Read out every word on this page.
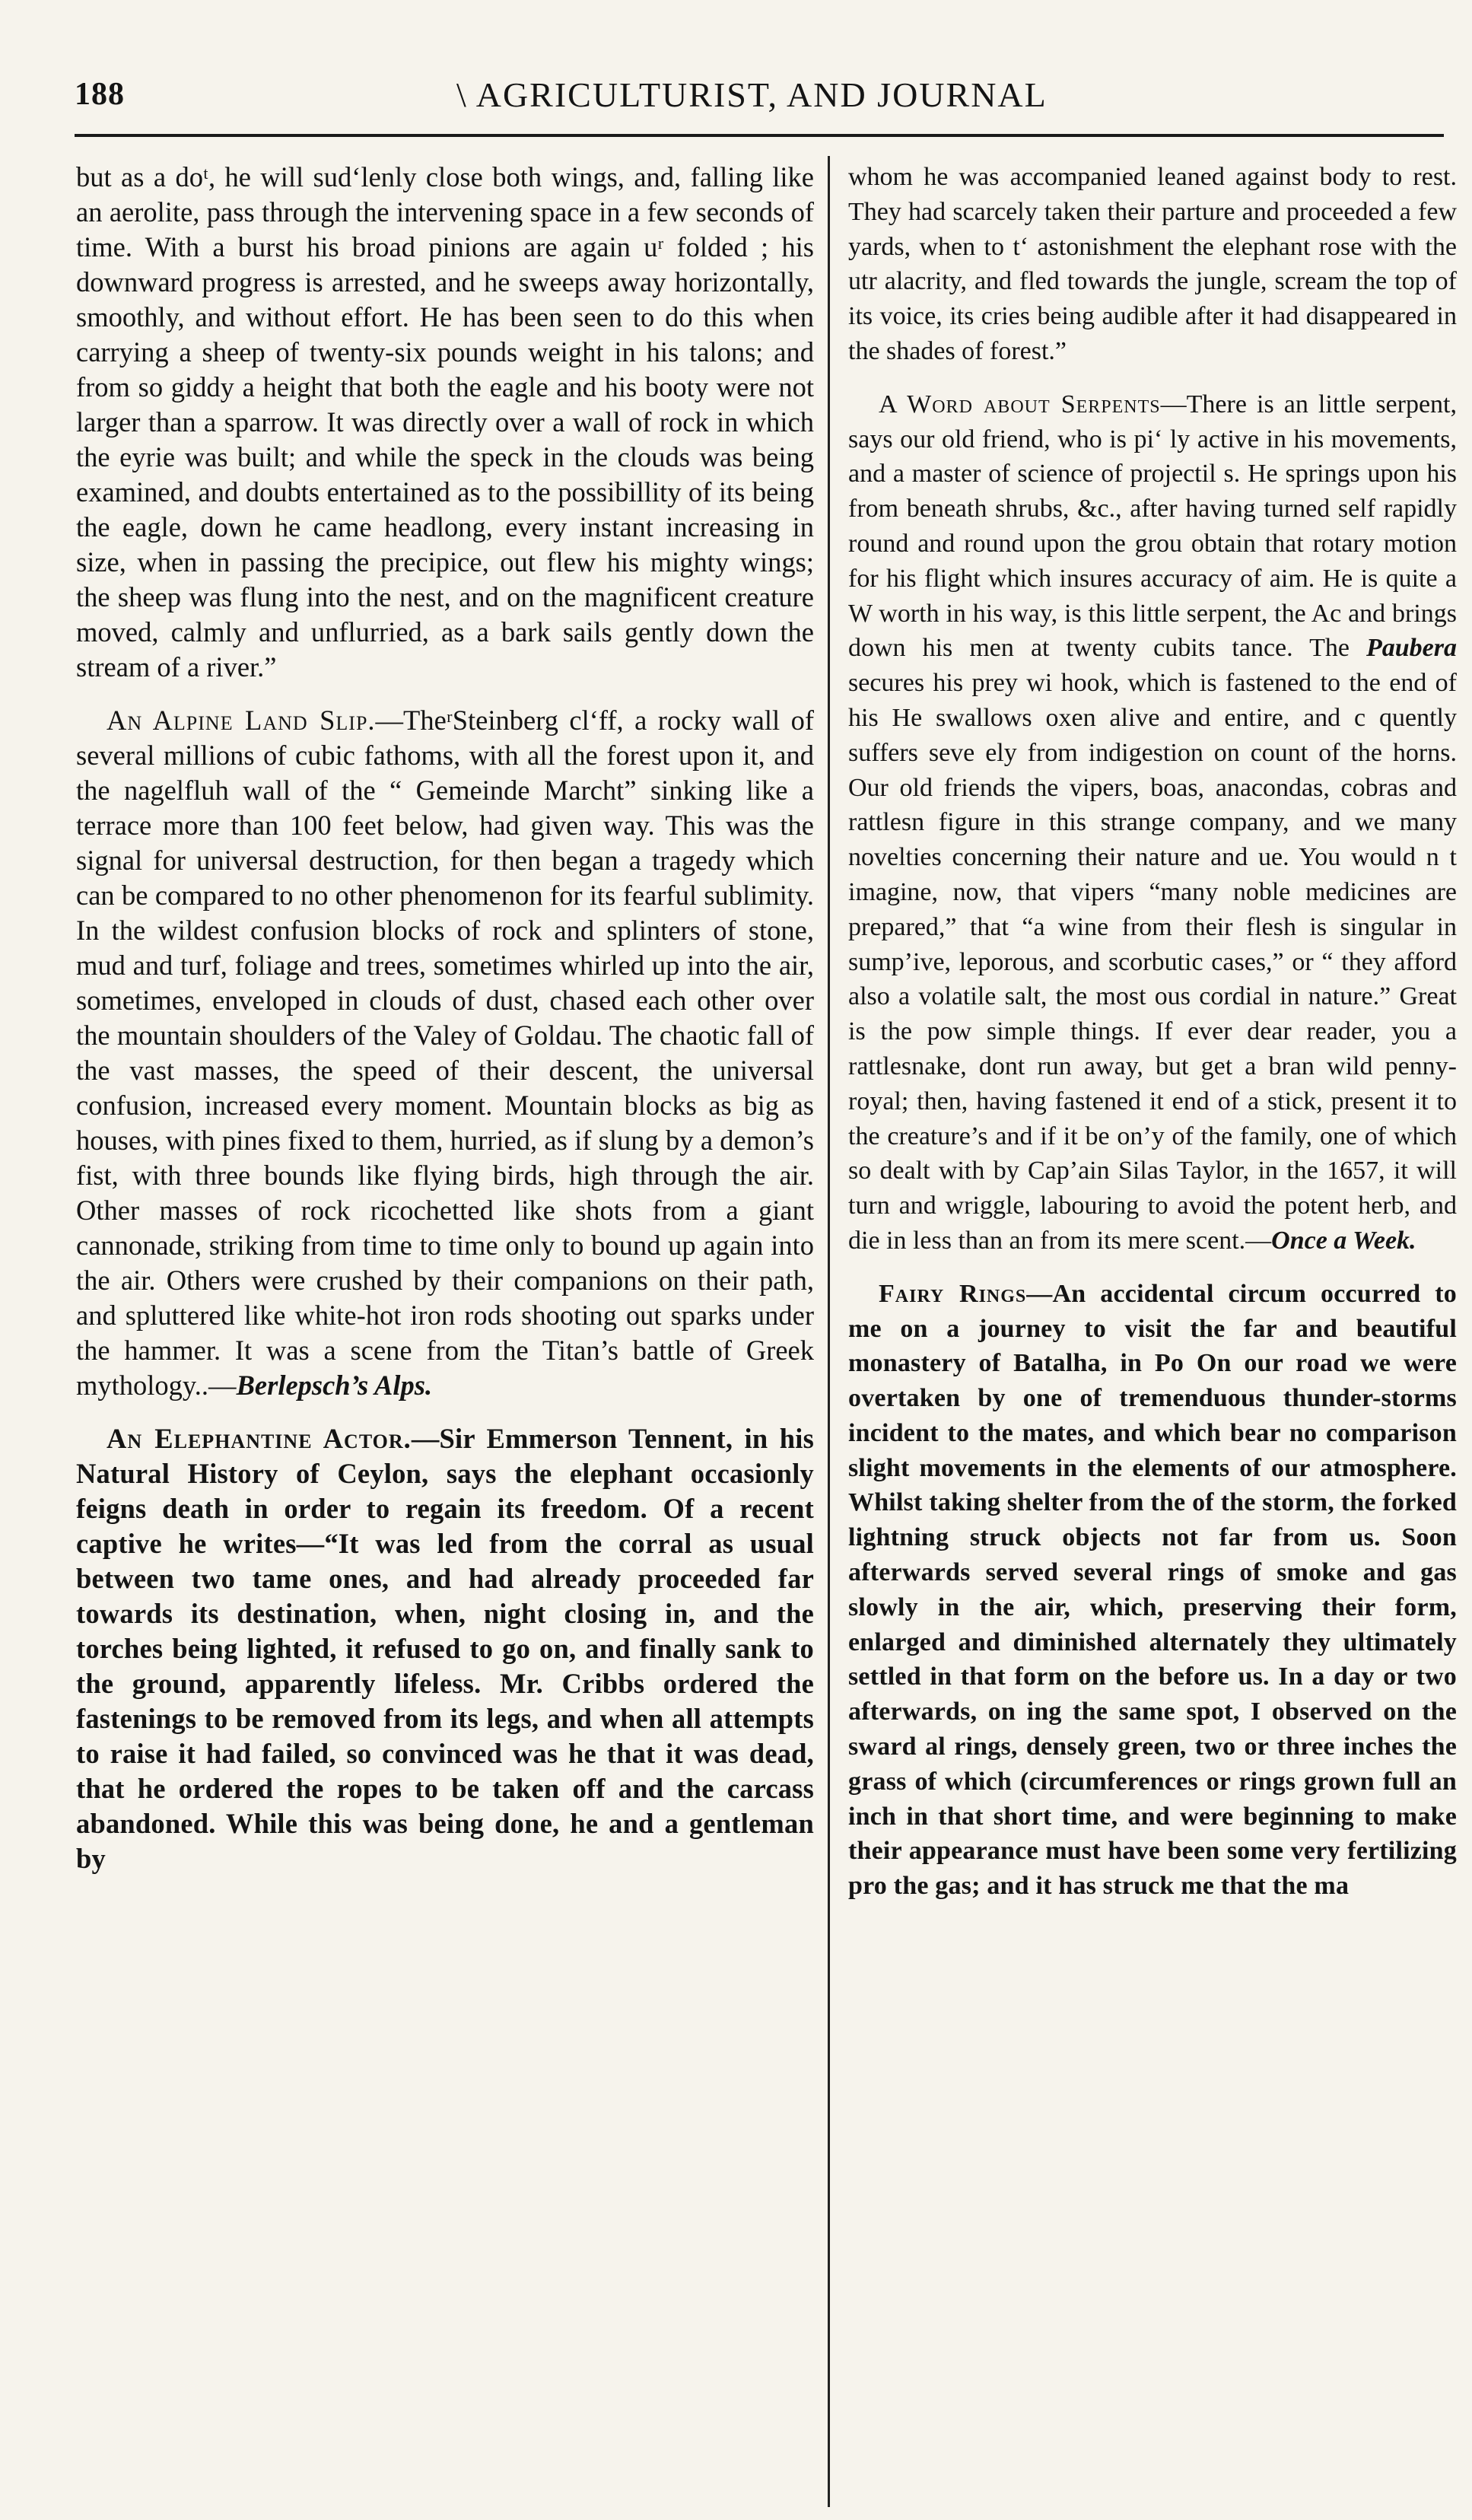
188	\ AGRICULTURIST, AND JOURNAL

but as a doᵗ, he will sudʻlenly close both wings, and, falling like an aerolite, pass through the intervening space in a few seconds of time. With a burst his broad pinions are again uʳ folded ; his downward progress is arrested, and he sweeps away horizontally, smoothly, and without effort. He has been seen to do this when carrying a sheep of twenty-six pounds weight in his talons; and from so giddy a height that both the eagle and his booty were not larger than a sparrow. It was directly over a wall of rock in which the eyrie was built; and while the speck in the clouds was being examined, and doubts entertained as to the possibillity of its being the eagle, down he came headlong, every instant increasing in size, when in passing the precipice, out flew his mighty wings; the sheep was flung into the nest, and on the magnificent creature moved, calmly and unflurried, as a bark sails gently down the stream of a river.”

An Alpine Land Slip.—TheʳSteinberg clʻff, a rocky wall of several millions of cubic fathoms, with all the forest upon it, and the nagelfluh wall of the “ Gemeinde Marcht” sinking like a terrace more than 100 feet below, had given way. This was the signal for universal destruction, for then began a tragedy which can be compared to no other phenomenon for its fearful sublimity. In the wildest confusion blocks of rock and splinters of stone, mud and turf, foliage and trees, sometimes whirled up into the air, sometimes, enveloped in clouds of dust, chased each other over the mountain shoulders of the Valey of Goldau. The chaotic fall of the vast masses, the speed of their descent, the universal confusion, increased every moment. Mountain blocks as big as houses, with pines fixed to them, hurried, as if slung by a demon’s fist, with three bounds like flying birds, high through the air. Other masses of rock ricochetted like shots from a giant cannonade, striking from time to time only to bound up again into the air. Others were crushed by their companions on their path, and spluttered like white-hot iron rods shooting out sparks under the hammer. It was a scene from the Titan’s battle of Greek mythology..—Berlepsch’s Alps.

An Elephantine Actor.—Sir Emmerson Tennent, in his Natural History of Ceylon, says the elephant occasionly feigns death in order to regain its freedom. Of a recent captive he writes—“It was led from the corral as usual between two tame ones, and had already proceeded far towards its destination, when, night closing in, and the torches being lighted, it refused to go on, and finally sank to the ground, apparently lifeless. Mr. Cribbs ordered the fastenings to be removed from its legs, and when all attempts to raise it had failed, so convinced was he that it was dead, that he ordered the ropes to be taken off and the carcass abandoned. While this was being done, he and a gentleman by

whom he was accompanied leaned against body to rest. They had scarcely taken their parture and proceeded a few yards, when to tʻ astonishment the elephant rose with the utr alacrity, and fled towards the jungle, scream the top of its voice, its cries being audible after it had disappeared in the shades of forest.”

A Word about Serpents—There is an little serpent, says our old friend, who is piʻ ly active in his movements, and a master of science of projectil s. He springs upon his from beneath shrubs, &c., after having turned self rapidly round and round upon the grou obtain that rotary motion for his flight which insures accuracy of aim. He is quite a W worth in his way, is this little serpent, the Ac and brings down his men at twenty cubits tance. The Paubera secures his prey wi hook, which is fastened to the end of his He swallows oxen alive and entire, and c quently suffers seve ely from indigestion on count of the horns. Our old friends the vipers, boas, anacondas, cobras and rattlesn figure in this strange company, and we many novelties concerning their nature and ue. You would n t imagine, now, that vipers “many noble medicines are prepared,” that “a wine from their flesh is singular in sump’ive, leporous, and scorbutic cases,” or “ they afford also a volatile salt, the most ous cordial in nature.” Great is the pow simple things. If ever dear reader, you a rattlesnake, dont run away, but get a bran wild penny-royal; then, having fastened it end of a stick, present it to the creature’s and if it be on’y of the family, one of which so dealt with by Cap’ain Silas Taylor, in the 1657, it will turn and wriggle, labouring to avoid the potent herb, and die in less than an from its mere scent.—Once a Week.

Fairy Rings—An accidental circum occurred to me on a journey to visit the far and beautiful monastery of Batalha, in Po On our road we were overtaken by one of tremenduous thunder-storms incident to the mates, and which bear no comparison slight movements in the elements of our atmosphere. Whilst taking shelter from the of the storm, the forked lightning struck objects not far from us. Soon afterwards served several rings of smoke and gas slowly in the air, which, preserving their form, enlarged and diminished alternately they ultimately settled in that form on the before us. In a day or two afterwards, on ing the same spot, I observed on the sward al rings, densely green, two or three inches the grass of which (circumferences or rings grown full an inch in that short time, and were beginning to make their appearance must have been some very fertilizing pro the gas; and it has struck me that the ma
